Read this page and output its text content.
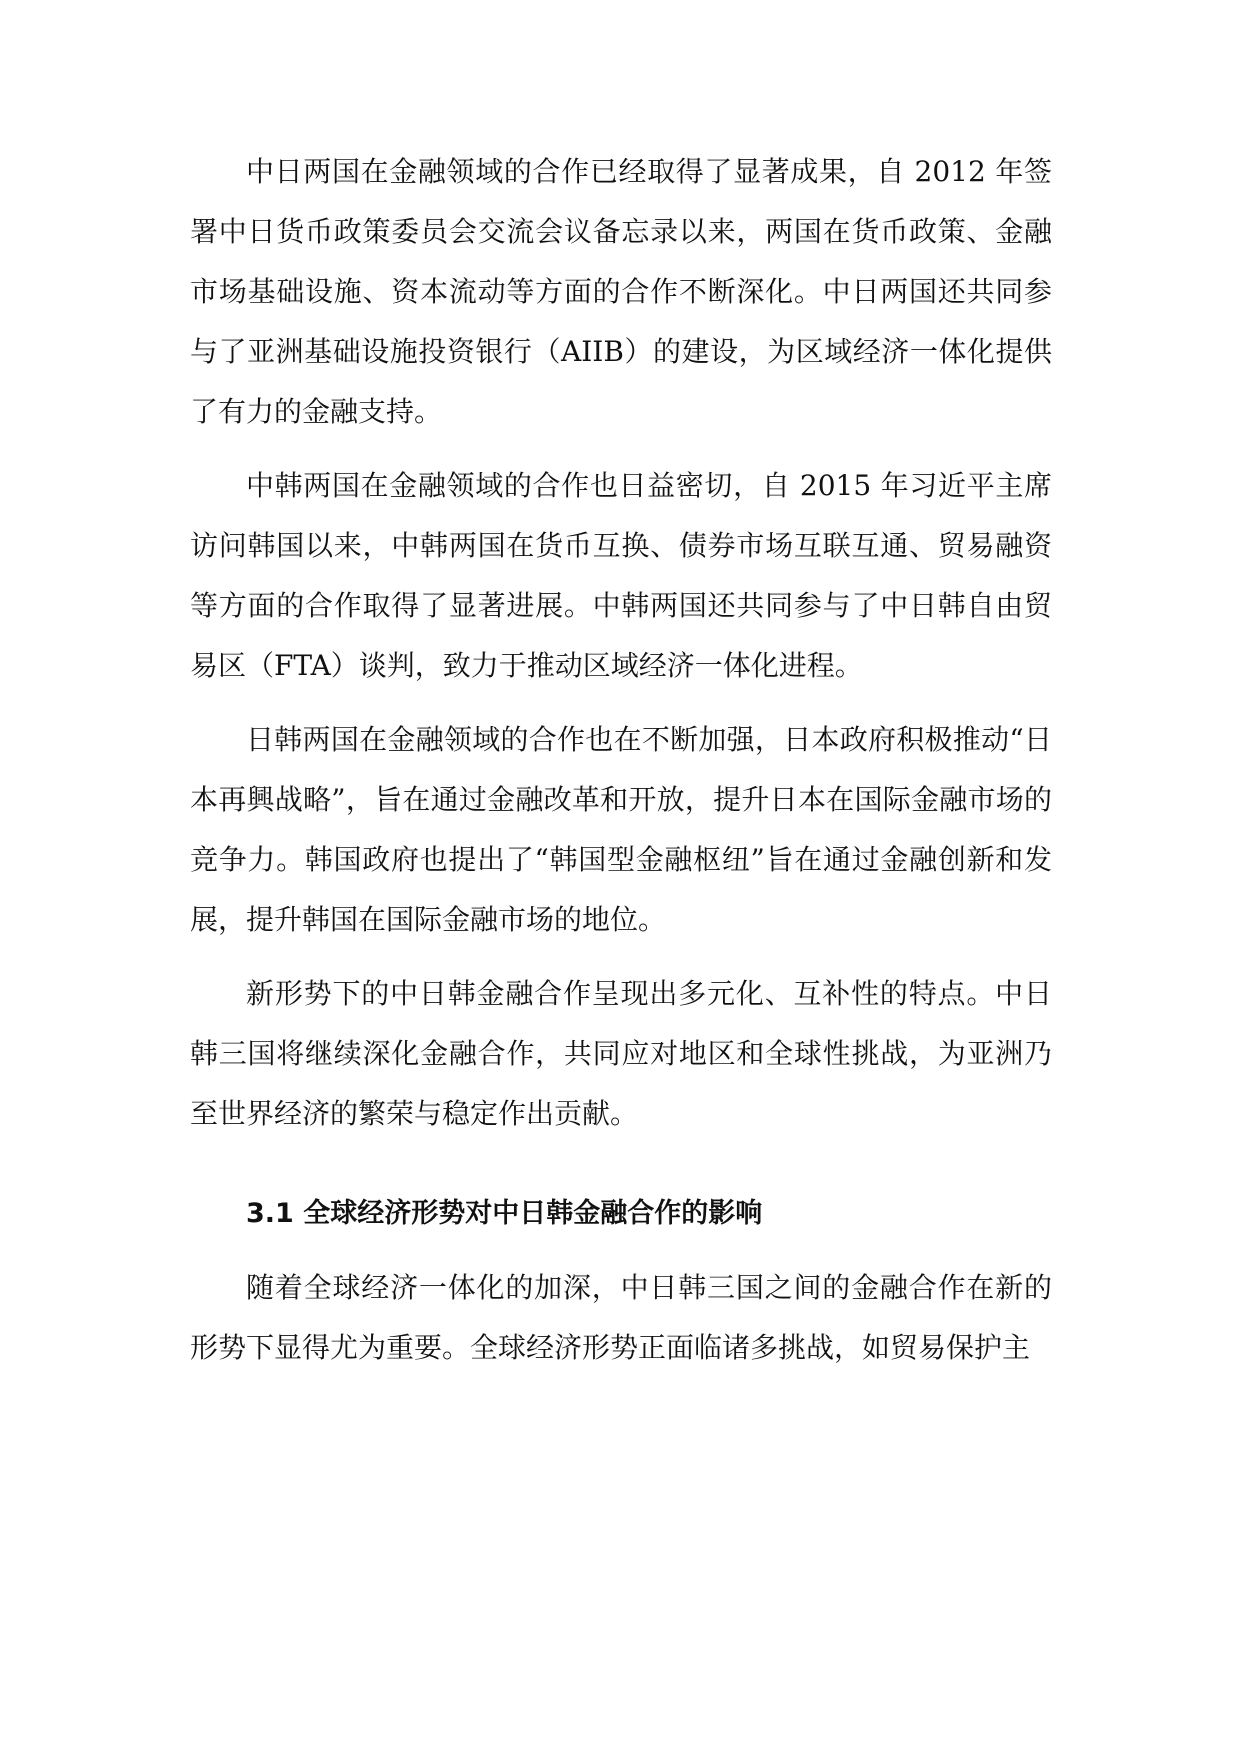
中日两国在金融领域的合作已经取得了显著成果，自 2012 年签署中日货币政策委员会交流会议备忘录以来，两国在货币政策、金融市场基础设施、资本流动等方面的合作不断深化。中日两国还共同参与了亚洲基础设施投资银行（AIIB）的建设，为区域经济一体化提供了有力的金融支持。

中韩两国在金融领域的合作也日益密切，自 2015 年习近平主席访问韩国以来，中韩两国在货币互换、债券市场互联互通、贸易融资等方面的合作取得了显著进展。中韩两国还共同参与了中日韩自由贸易区（FTA）谈判，致力于推动区域经济一体化进程。

日韩两国在金融领域的合作也在不断加强，日本政府积极推动“日本再興战略”，旨在通过金融改革和开放，提升日本在国际金融市场的竞争力。韩国政府也提出了“韩国型金融枢纽”旨在通过金融创新和发展，提升韩国在国际金融市场的地位。

新形势下的中日韩金融合作呈现出多元化、互补性的特点。中日韩三国将继续深化金融合作，共同应对地区和全球性挑战，为亚洲乃至世界经济的繁荣与稳定作出贡献。

3.1 全球经济形势对中日韩金融合作的影响

随着全球经济一体化的加深，中日韩三国之间的金融合作在新的形势下显得尤为重要。全球经济形势正面临诸多挑战，如贸易保护主
